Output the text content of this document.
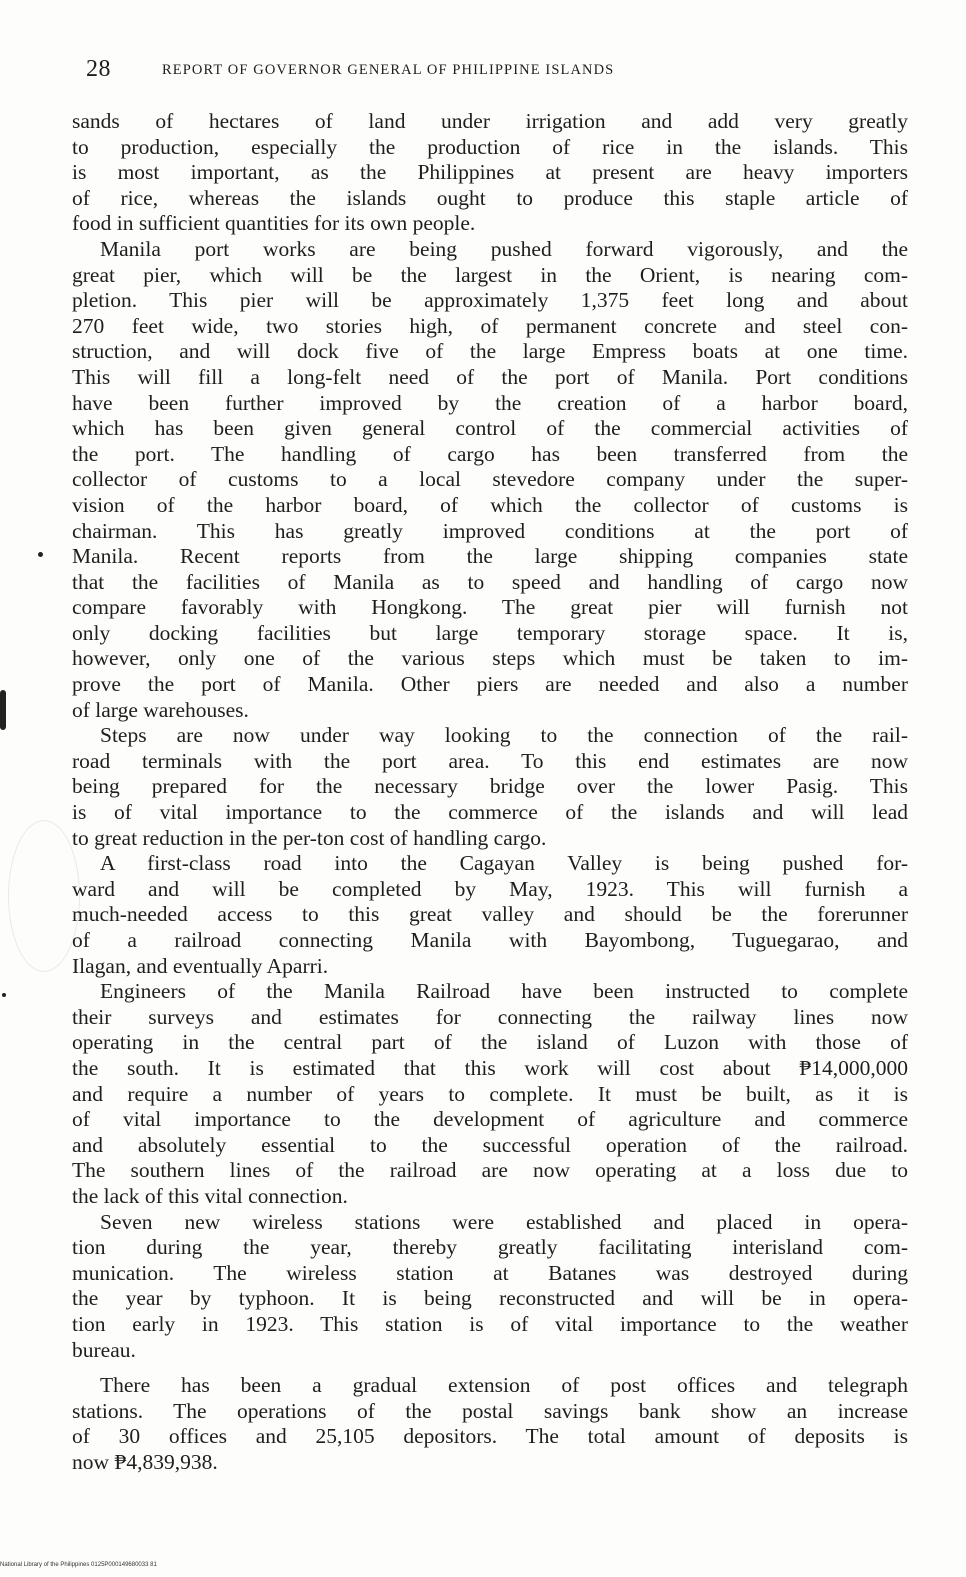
28	REPORT OF GOVERNOR GENERAL OF PHILIPPINE ISLANDS
sands of hectares of land under irrigation and add very greatly
to production, especially the production of rice in the islands. This
is most important, as the Philippines at present are heavy importers
of rice, whereas the islands ought to produce this staple article of
food in sufficient quantities for its own people.
Manila port works are being pushed forward vigorously, and the
great pier, which will be the largest in the Orient, is nearing com-
pletion. This pier will be approximately 1,375 feet long and about
270 feet wide, two stories high, of permanent concrete and steel con-
struction, and will dock five of the large Empress boats at one time.
This will fill a long-felt need of the port of Manila. Port conditions
have been further improved by the creation of a harbor board,
which has been given general control of the commercial activities of
the port. The handling of cargo has been transferred from the
collector of customs to a local stevedore company under the super-
vision of the harbor board, of which the collector of customs is
chairman. This has greatly improved conditions at the port of
Manila. Recent reports from the large shipping companies state
that the facilities of Manila as to speed and handling of cargo now
compare favorably with Hongkong. The great pier will furnish not
only docking facilities but large temporary storage space. It is,
however, only one of the various steps which must be taken to im-
prove the port of Manila. Other piers are needed and also a number
of large warehouses.
Steps are now under way looking to the connection of the rail-
road terminals with the port area. To this end estimates are now
being prepared for the necessary bridge over the lower Pasig. This
is of vital importance to the commerce of the islands and will lead
to great reduction in the per-ton cost of handling cargo.
A first-class road into the Cagayan Valley is being pushed for-
ward and will be completed by May, 1923. This will furnish a
much-needed access to this great valley and should be the forerunner
of a railroad connecting Manila with Bayombong, Tuguegarao, and
Ilagan, and eventually Aparri.
Engineers of the Manila Railroad have been instructed to complete
their surveys and estimates for connecting the railway lines now
operating in the central part of the island of Luzon with those of
the south. It is estimated that this work will cost about ₱14,000,000
and require a number of years to complete. It must be built, as it is
of vital importance to the development of agriculture and commerce
and absolutely essential to the successful operation of the railroad.
The southern lines of the railroad are now operating at a loss due to
the lack of this vital connection.
Seven new wireless stations were established and placed in opera-
tion during the year, thereby greatly facilitating interisland com-
munication. The wireless station at Batanes was destroyed during
the year by typhoon. It is being reconstructed and will be in opera-
tion early in 1923. This station is of vital importance to the weather
bureau.
There has been a gradual extension of post offices and telegraph
stations. The operations of the postal savings bank show an increase
of 30 offices and 25,105 depositors. The total amount of deposits is
now ₱4,839,938.
National Library of the Philippines 0125P000149680033 81
